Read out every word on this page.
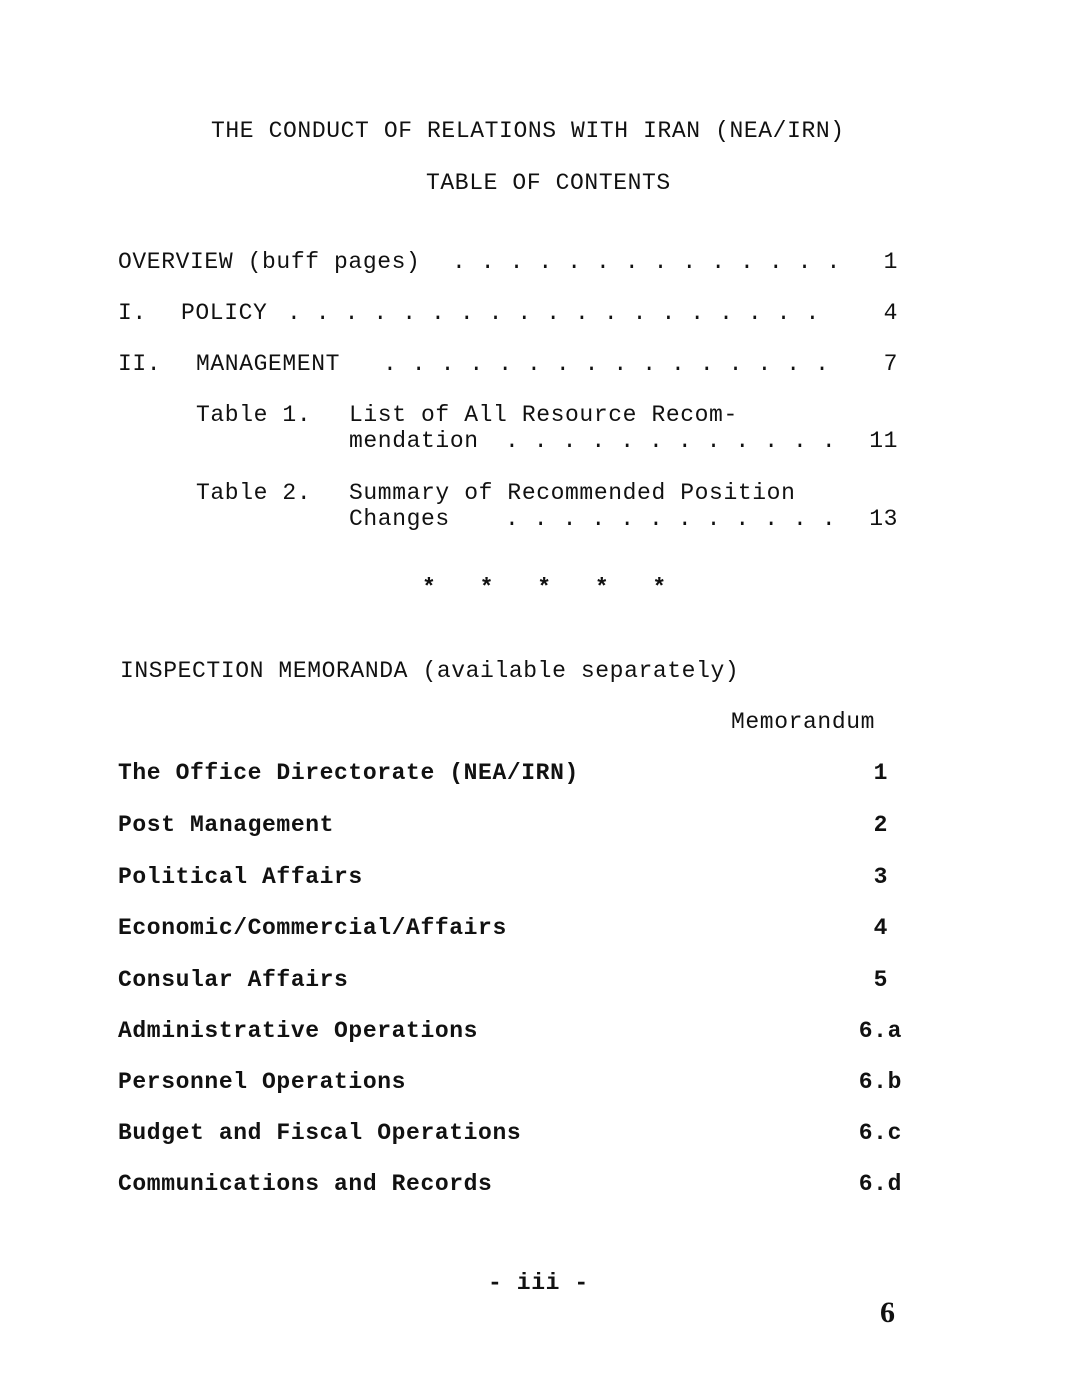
THE CONDUCT OF RELATIONS WITH IRAN (NEA/IRN)
TABLE OF CONTENTS
OVERVIEW (buff pages) . . . . . . . . . . . . . .	1
I. POLICY . . . . . . . . . . . . . . . . . . .	4
II. MANAGEMENT . . . . . . . . . . . . . . . .	7
Table 1. List of All Resource Recom-
mendation . . . . . . . . . . . .	11
Table 2. Summary of Recommended Position
Changes . . . . . . . . . . . .	13
*   *   *   *   *
INSPECTION MEMORANDA (available separately)
Memorandum
The Office Directorate (NEA/IRN)	1
Post Management	2
Political Affairs	3
Economic/Commercial/Affairs	4
Consular Affairs	5
Administrative Operations	6.a
Personnel Operations	6.b
Budget and Fiscal Operations	6.c
Communications and Records	6.d
- iii -
6
